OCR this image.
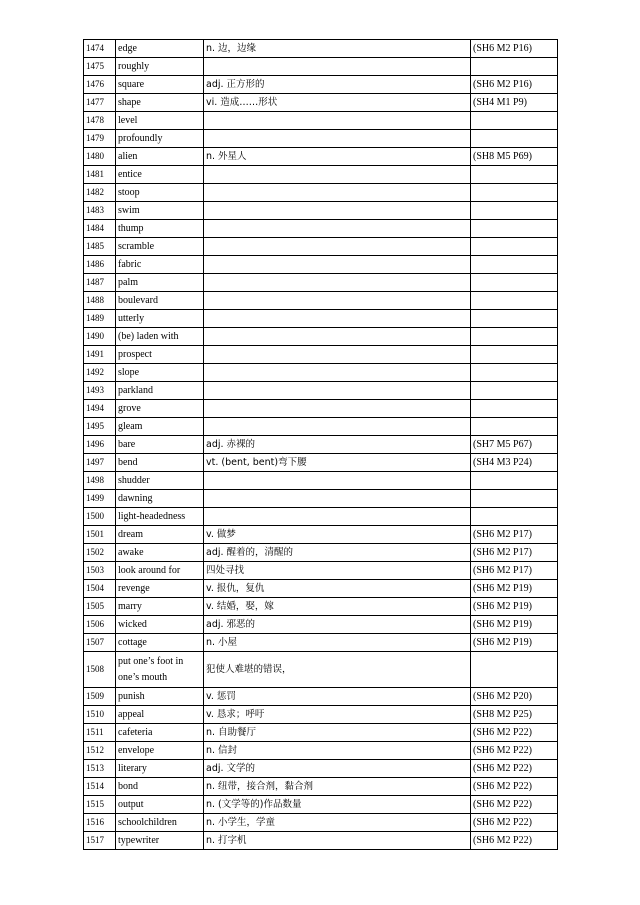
1474	edge	n. 边，边缘	(SH6 M2 P16)
1475	roughly		
1476	square	adj. 正方形的	(SH6 M2 P16)
1477	shape	vi. 造成……形状	(SH4 M1 P9)
1478	level		
1479	profoundly		
1480	alien	n. 外星人	(SH8 M5 P69)
1481	entice		
1482	stoop		
1483	swim		
1484	thump		
1485	scramble		
1486	fabric		
1487	palm		
1488	boulevard		
1489	utterly		
1490	(be) laden with		
1491	prospect		
1492	slope		
1493	parkland		
1494	grove		
1495	gleam		
1496	bare	adj. 赤裸的	(SH7 M5 P67)
1497	bend	vt. (bent, bent)弯下腰	(SH4 M3 P24)
1498	shudder		
1499	dawning		
1500	light-headedness		
1501	dream	v. 做梦	(SH6 M2 P17)
1502	awake	adj. 醒着的，清醒的	(SH6 M2 P17)
1503	look around for	四处寻找	(SH6 M2 P17)
1504	revenge	v. 报仇，复仇	(SH6 M2 P19)
1505	marry	v. 结婚，娶，嫁	(SH6 M2 P19)
1506	wicked	adj. 邪恶的	(SH6 M2 P19)
1507	cottage	n. 小屋	(SH6 M2 P19)
1508	put one’s foot in one’s mouth	犯使人难堪的错误，	
1509	punish	v. 惩罚	(SH6 M2 P20)
1510	appeal	v. 恳求；呼吁	(SH8 M2 P25)
1511	cafeteria	n. 自助餐厅	(SH6 M2 P22)
1512	envelope	n. 信封	(SH6 M2 P22)
1513	literary	adj. 文学的	(SH6 M2 P22)
1514	bond	n. 纽带，接合剂，黏合剂	(SH6 M2 P22)
1515	output	n. (文学等的)作品数量	(SH6 M2 P22)
1516	schoolchildren	n. 小学生，学童	(SH6 M2 P22)
1517	typewriter	n. 打字机	(SH6 M2 P22)
